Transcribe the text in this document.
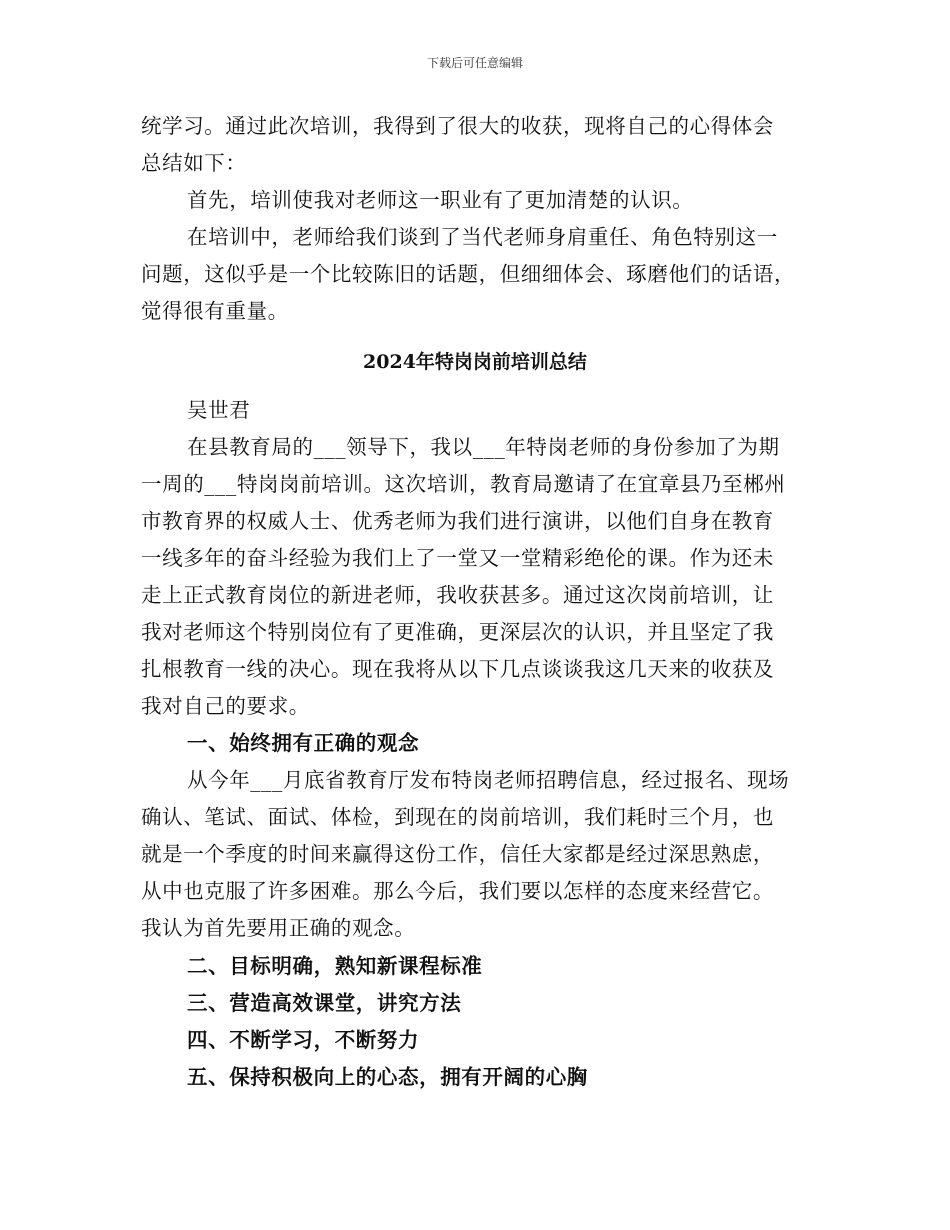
下载后可任意编辑
统学习。通过此次培训，我得到了很大的收获，现将自己的心得体会
总结如下：
首先，培训使我对老师这一职业有了更加清楚的认识。
在培训中，老师给我们谈到了当代老师身肩重任、角色特别这一
问题，这似乎是一个比较陈旧的话题，但细细体会、琢磨他们的话语，
觉得很有重量。
2024年特岗岗前培训总结
吴世君
在县教育局的___领导下，我以___年特岗老师的身份参加了为期
一周的___特岗岗前培训。这次培训，教育局邀请了在宜章县乃至郴州
市教育界的权威人士、优秀老师为我们进行演讲，以他们自身在教育
一线多年的奋斗经验为我们上了一堂又一堂精彩绝伦的课。作为还未
走上正式教育岗位的新进老师，我收获甚多。通过这次岗前培训，让
我对老师这个特别岗位有了更准确，更深层次的认识，并且坚定了我
扎根教育一线的决心。现在我将从以下几点谈谈我这几天来的收获及
我对自己的要求。
一、始终拥有正确的观念
从今年___月底省教育厅发布特岗老师招聘信息，经过报名、现场
确认、笔试、面试、体检，到现在的岗前培训，我们耗时三个月，也
就是一个季度的时间来赢得这份工作，信任大家都是经过深思熟虑，
从中也克服了许多困难。那么今后，我们要以怎样的态度来经营它。
我认为首先要用正确的观念。
二、目标明确，熟知新课程标准
三、营造高效课堂，讲究方法
四、不断学习，不断努力
五、保持积极向上的心态，拥有开阔的心胸
